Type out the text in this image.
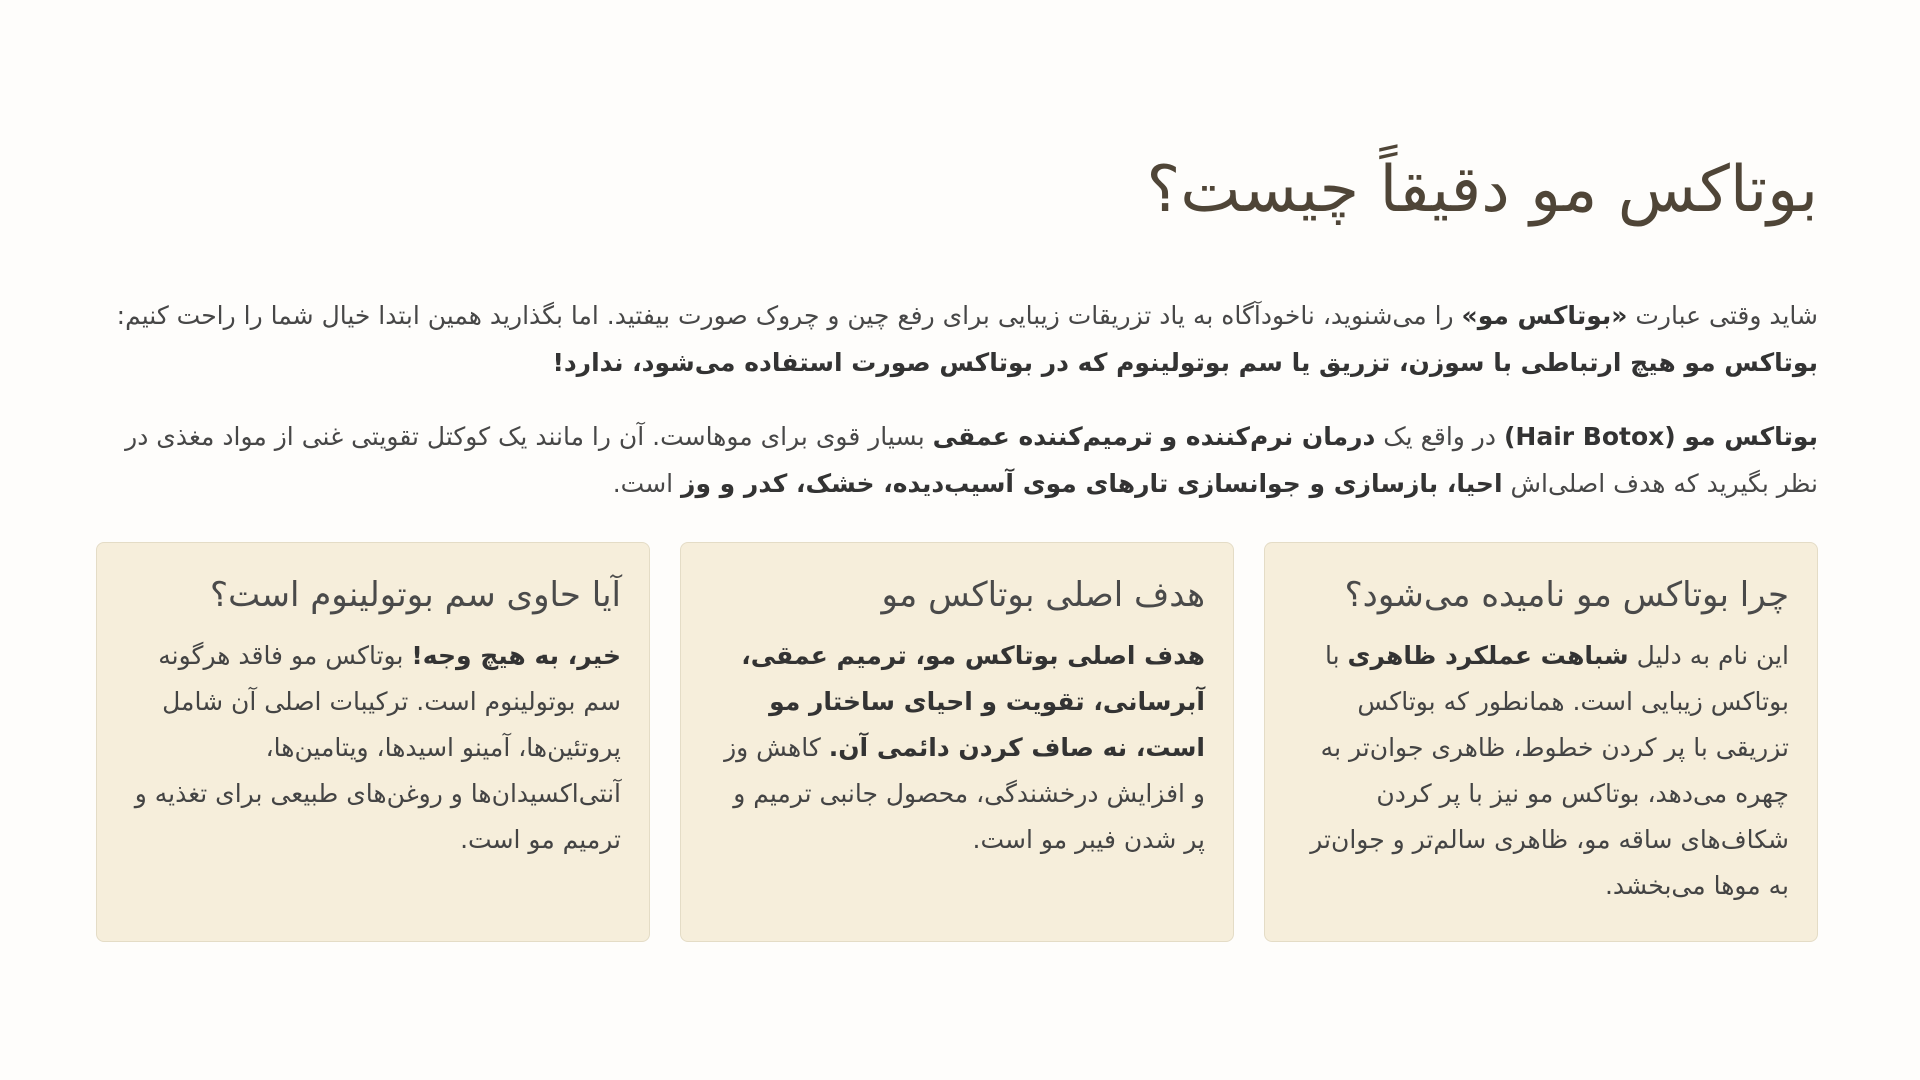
بوتاکس مو دقیقاً چیست؟

شاید وقتی عبارت «بوتاکس مو» را می‌شنوید، ناخودآگاه به یاد تزریقات زیبایی برای رفع چین و چروک صورت بیفتید. اما بگذارید همین ابتدا خیال شما را راحت کنیم: بوتاکس مو هیچ ارتباطی با سوزن، تزریق یا سم بوتولینوم که در بوتاکس صورت استفاده می‌شود، ندارد!

بوتاکس مو (Hair Botox) در واقع یک درمان نرم‌کننده و ترمیم‌کننده عمقی بسیار قوی برای موهاست. آن را مانند یک کوکتل تقویتی غنی از مواد مغذی در نظر بگیرید که هدف اصلی‌اش احیا، بازسازی و جوانسازی تارهای موی آسیب‌دیده، خشک، کدر و وز است.

چرا بوتاکس مو نامیده می‌شود؟

این نام به دلیل شباهت عملکرد ظاهری با بوتاکس زیبایی است. همانطور که بوتاکس تزریقی با پر کردن خطوط، ظاهری جوان‌تر به چهره می‌دهد، بوتاکس مو نیز با پر کردن شکاف‌های ساقه مو، ظاهری سالم‌تر و جوان‌تر به موها می‌بخشد.

هدف اصلی بوتاکس مو

هدف اصلی بوتاکس مو، ترمیم عمقی، آبرسانی، تقویت و احیای ساختار مو است، نه صاف کردن دائمی آن. کاهش وز و افزایش درخشندگی، محصول جانبی ترمیم و پر شدن فیبر مو است.

آیا حاوی سم بوتولینوم است؟

خیر، به هیچ وجه! بوتاکس مو فاقد هرگونه سم بوتولینوم است. ترکیبات اصلی آن شامل پروتئین‌ها، آمینو اسیدها، ویتامین‌ها، آنتی‌اکسیدان‌ها و روغن‌های طبیعی برای تغذیه و ترمیم مو است.
